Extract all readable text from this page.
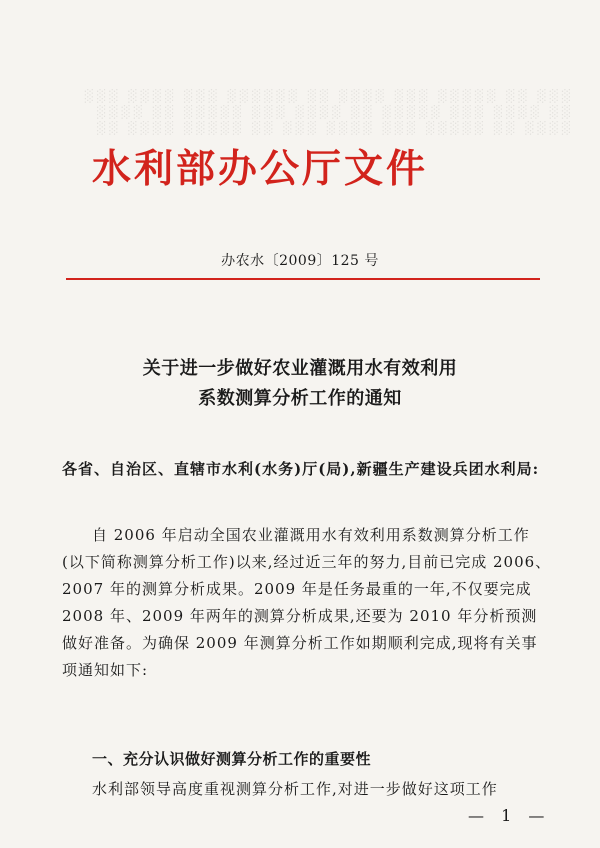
░░░ ░░ ░░░░░ ░░░ ░░░░ ░░ ░░░░░░ ░░░ ░░░░ ░░░
░░ ░░░░ ░░░ ░░░░░ ░░ ░░░░ ░░░ ░░░░░ ░░ ░░░░
░░░░ ░░ ░░░░░ ░░░ ░░░░ ░░░ ░░ ░░░░░ ░░░░ ░░
水利部办公厅文件
办农水〔2009〕125 号
关于进一步做好农业灌溉用水有效利用
系数测算分析工作的通知
各省、自治区、直辖市水利(水务)厅(局),新疆生产建设兵团水利局:
自 2006 年启动全国农业灌溉用水有效利用系数测算分析工作(以下简称测算分析工作)以来,经过近三年的努力,目前已完成 2006、2007 年的测算分析成果。2009 年是任务最重的一年,不仅要完成 2008 年、2009 年两年的测算分析成果,还要为 2010 年分析预测做好准备。为确保 2009 年测算分析工作如期顺利完成,现将有关事项通知如下:
一、充分认识做好测算分析工作的重要性
水利部领导高度重视测算分析工作,对进一步做好这项工作
— 1 —
